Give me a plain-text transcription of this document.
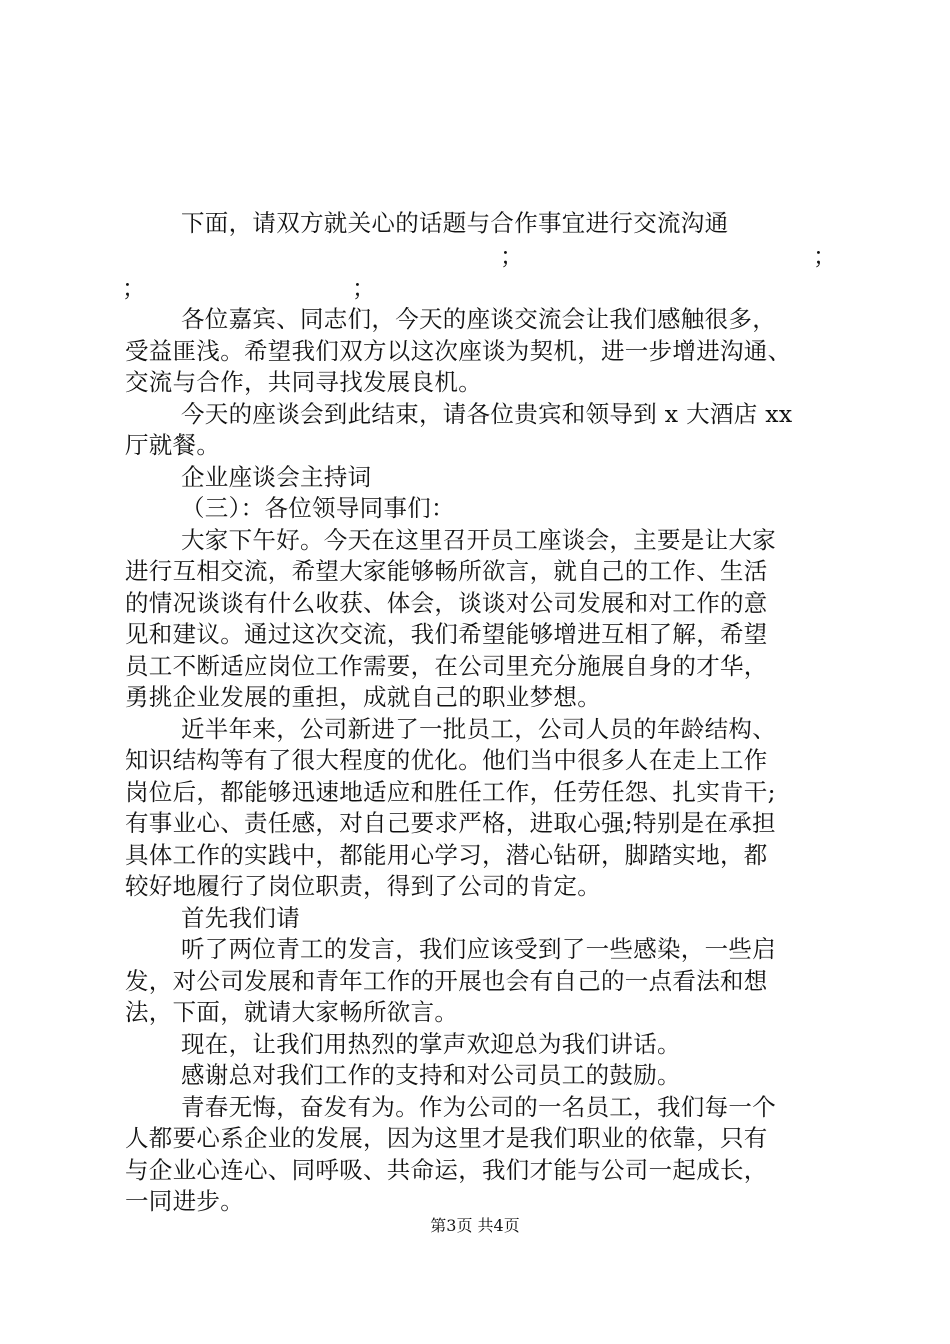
下面，请双方就关心的话题与合作事宜进行交流沟通
；	；
；	；
各位嘉宾、同志们，今天的座谈交流会让我们感触很多，
受益匪浅。希望我们双方以这次座谈为契机，进一步增进沟通、
交流与合作，共同寻找发展良机。
今天的座谈会到此结束，请各位贵宾和领导到 x 大酒店 xx
厅就餐。
企业座谈会主持词
（三）：各位领导同事们：
大家下午好。今天在这里召开员工座谈会，主要是让大家
进行互相交流，希望大家能够畅所欲言，就自己的工作、生活
的情况谈谈有什么收获、体会，谈谈对公司发展和对工作的意
见和建议。通过这次交流，我们希望能够增进互相了解，希望
员工不断适应岗位工作需要，在公司里充分施展自身的才华，
勇挑企业发展的重担，成就自己的职业梦想。
近半年来，公司新进了一批员工，公司人员的年龄结构、
知识结构等有了很大程度的优化。他们当中很多人在走上工作
岗位后，都能够迅速地适应和胜任工作，任劳任怨、扎实肯干;
有事业心、责任感，对自己要求严格，进取心强;特别是在承担
具体工作的实践中，都能用心学习，潜心钻研，脚踏实地，都
较好地履行了岗位职责，得到了公司的肯定。
首先我们请
听了两位青工的发言，我们应该受到了一些感染，一些启
发，对公司发展和青年工作的开展也会有自己的一点看法和想
法，下面，就请大家畅所欲言。
现在，让我们用热烈的掌声欢迎总为我们讲话。
感谢总对我们工作的支持和对公司员工的鼓励。
青春无悔，奋发有为。作为公司的一名员工，我们每一个
人都要心系企业的发展，因为这里才是我们职业的依靠，只有
与企业心连心、同呼吸、共命运，我们才能与公司一起成长，
一同进步。
第3页 共4页
